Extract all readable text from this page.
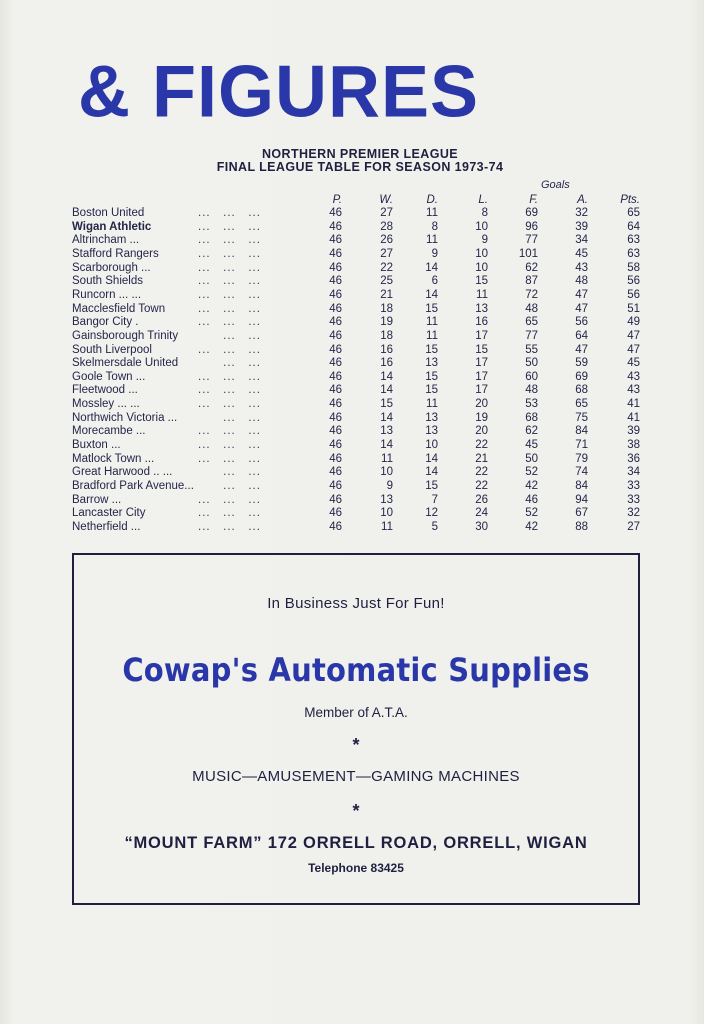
& FIGURES
NORTHERN PREMIER LEAGUE
FINAL LEAGUE TABLE FOR SEASON 1973-74
Goals
P.	W.	D.	L.	F.	A.	Pts.
Boston United	...   ...   ...	46	27	11	8	69	32	65
Wigan Athletic	...   ...   ...	46	28	8	10	96	39	64
Altrincham ...	...   ...   ...	46	26	11	9	77	34	63
Stafford Rangers	...   ...   ...	46	27	9	10	101	45	63
Scarborough ...	...   ...   ...	46	22	14	10	62	43	58
South Shields	...   ...   ...	46	25	6	15	87	48	56
Runcorn ... ...	...   ...   ...	46	21	14	11	72	47	56
Macclesfield Town	...   ...   ...	46	18	15	13	48	47	51
Bangor City .	...   ...   ...	46	19	11	16	65	56	49
Gainsborough Trinity ...   ...	46	18	11	17	77	64	47
South Liverpool	...   ...   ...	46	16	15	15	55	47	47
Skelmersdale United ...   ...	46	16	13	17	50	59	45
Goole Town ...	...   ...   ...	46	14	15	17	60	69	43
Fleetwood ...	...   ...   ...	46	14	15	17	48	68	43
Mossley ... ...	...   ...   ...	46	15	11	20	53	65	41
Northwich Victoria ... ...   ...	46	14	13	19	68	75	41
Morecambe ...	...   ...   ...	46	13	13	20	62	84	39
Buxton ...	...   ...   ...	46	14	10	22	45	71	38
Matlock Town ...	...   ...   ...	46	11	14	21	50	79	36
Great Harwood .. ... ...   ...	46	10	14	22	52	74	34
Bradford Park Avenue... ...   ...	46	9	15	22	42	84	33
Barrow ...	...   ...   ...	46	13	7	26	46	94	33
Lancaster City	...   ...   ...	46	10	12	24	52	67	32
Netherfield ...	...   ...   ...	46	11	5	30	42	88	27
In Business Just For Fun!
Cowap's Automatic Supplies
Member of A.T.A.
*
MUSIC—AMUSEMENT—GAMING MACHINES
*
“MOUNT FARM” 172 ORRELL ROAD, ORRELL, WIGAN
Telephone 83425
